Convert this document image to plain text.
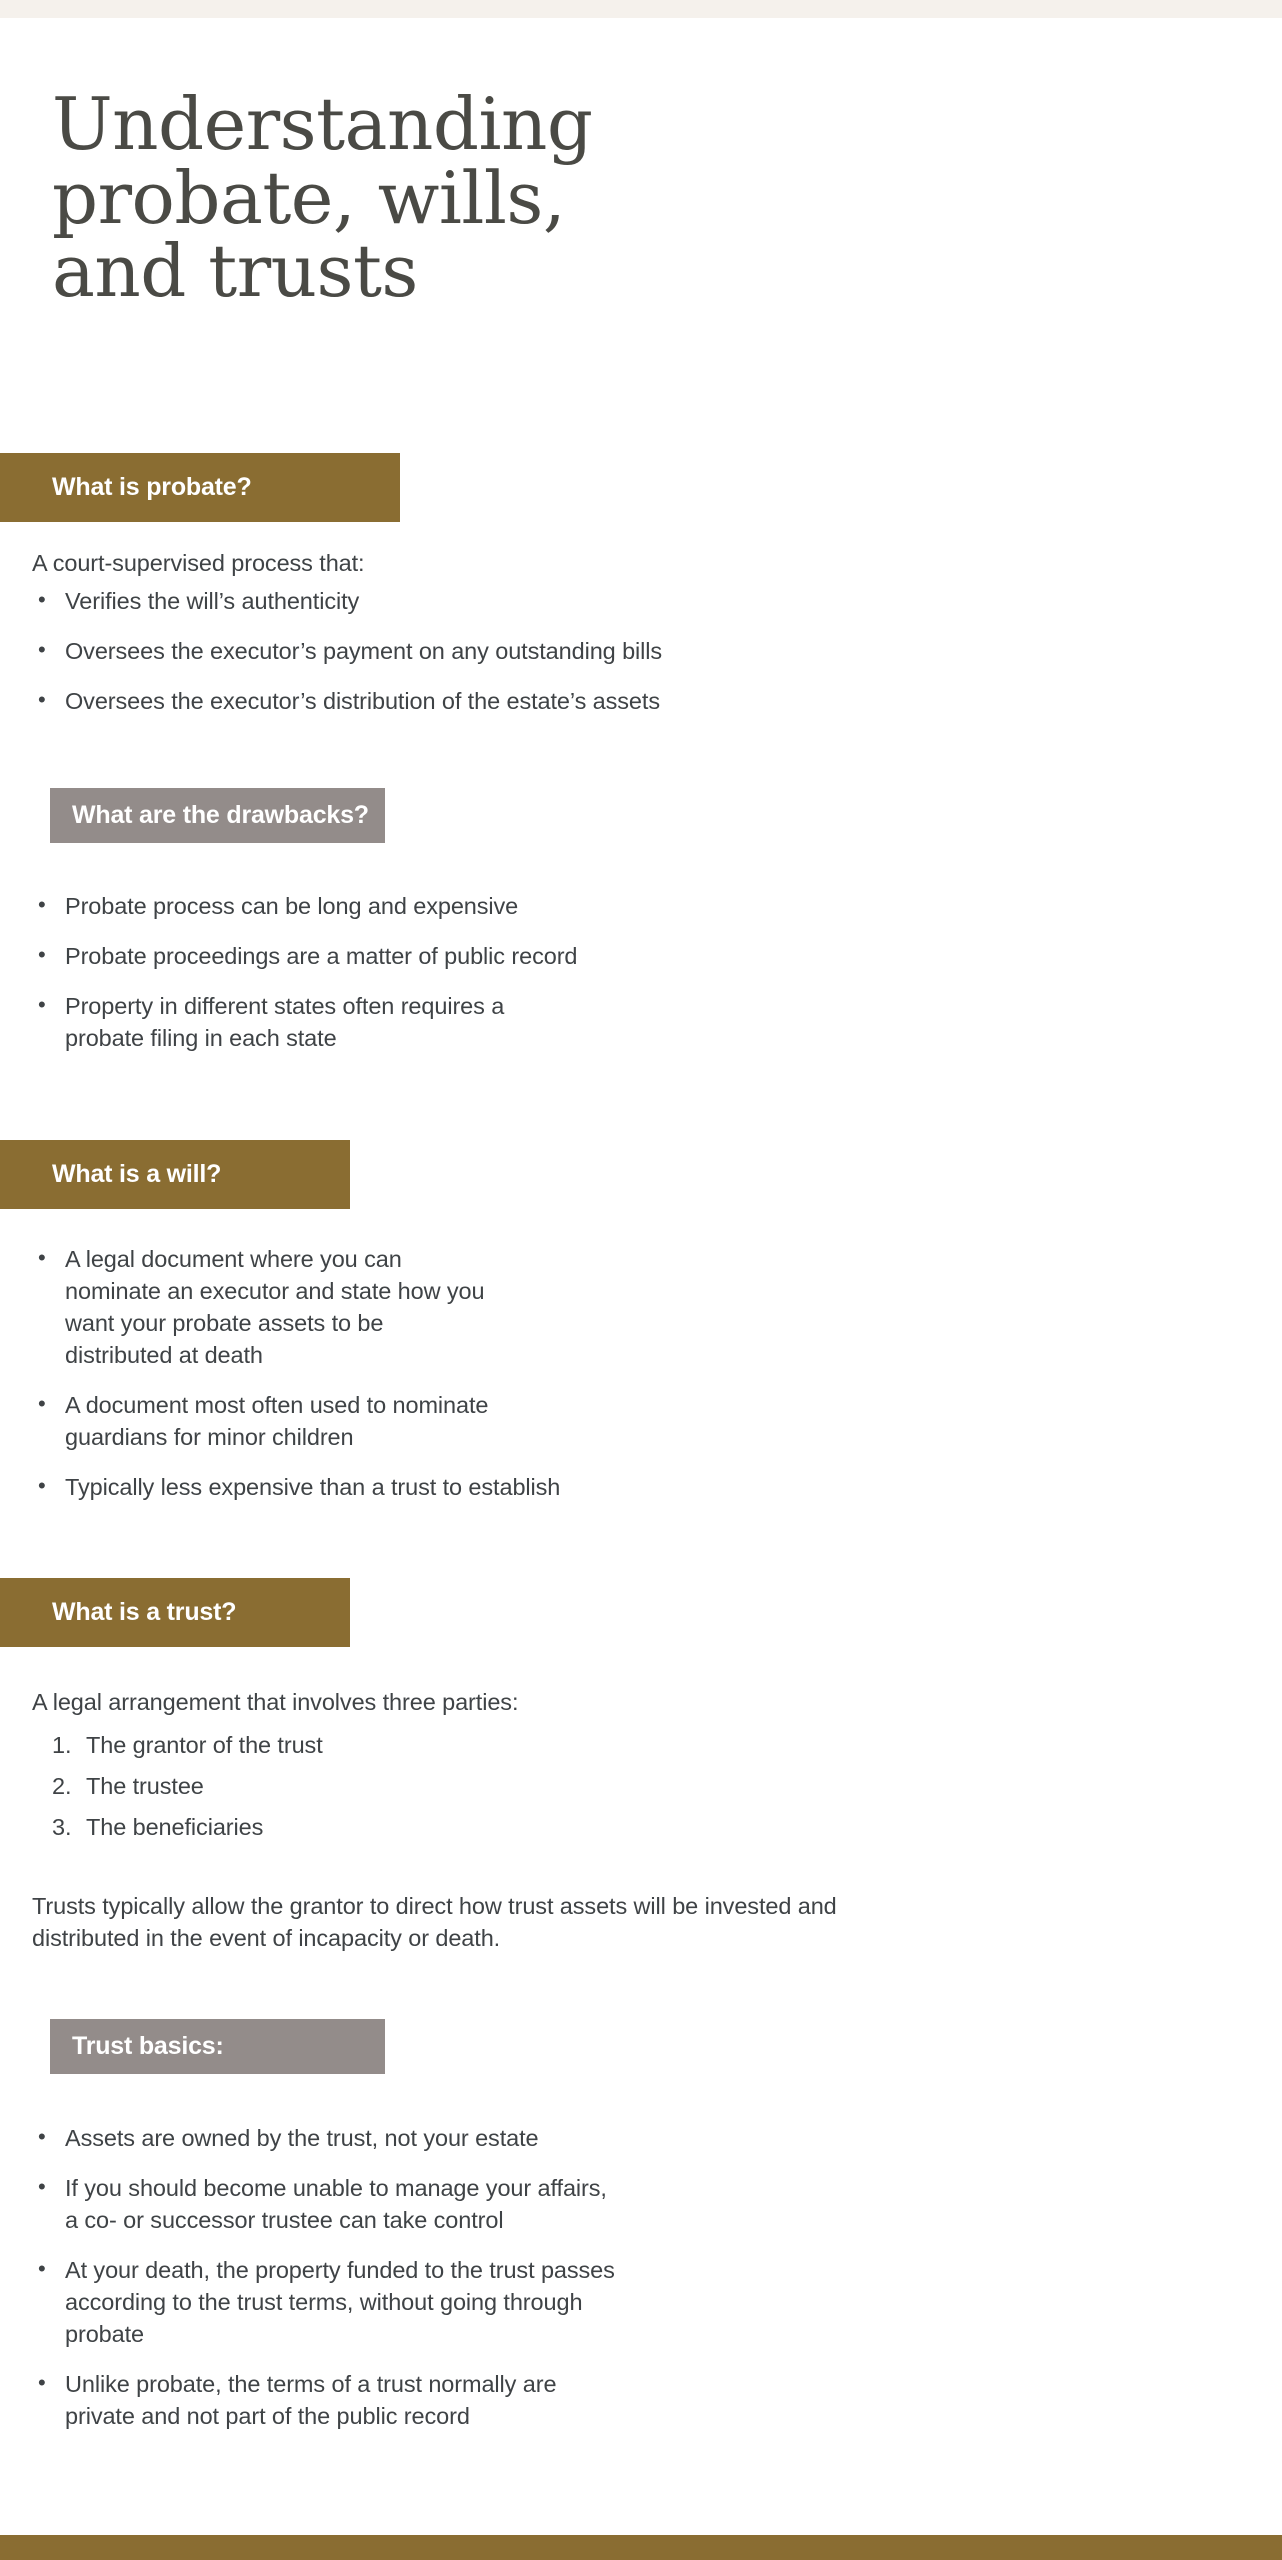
Understanding
probate, wills,
and trusts
What is probate?
A court-supervised process that:
• Verifies the will’s authenticity
• Oversees the executor’s payment on any outstanding bills
• Oversees the executor’s distribution of the estate’s assets
What are the drawbacks?
• Probate process can be long and expensive
• Probate proceedings are a matter of public record
• Property in different states often requires a probate filing in each state
What is a will?
• A legal document where you can nominate an executor and state how you want your probate assets to be distributed at death
• A document most often used to nominate guardians for minor children
• Typically less expensive than a trust to establish
What is a trust?
A legal arrangement that involves three parties:
The grantor of the trust
The trustee
The beneficiaries
Trusts typically allow the grantor to direct how trust assets will be invested and distributed in the event of incapacity or death.
Trust basics:
• Assets are owned by the trust, not your estate
• If you should become unable to manage your affairs, a co- or successor trustee can take control
• At your death, the property funded to the trust passes according to the trust terms, without going through probate
• Unlike probate, the terms of a trust normally are private and not part of the public record
